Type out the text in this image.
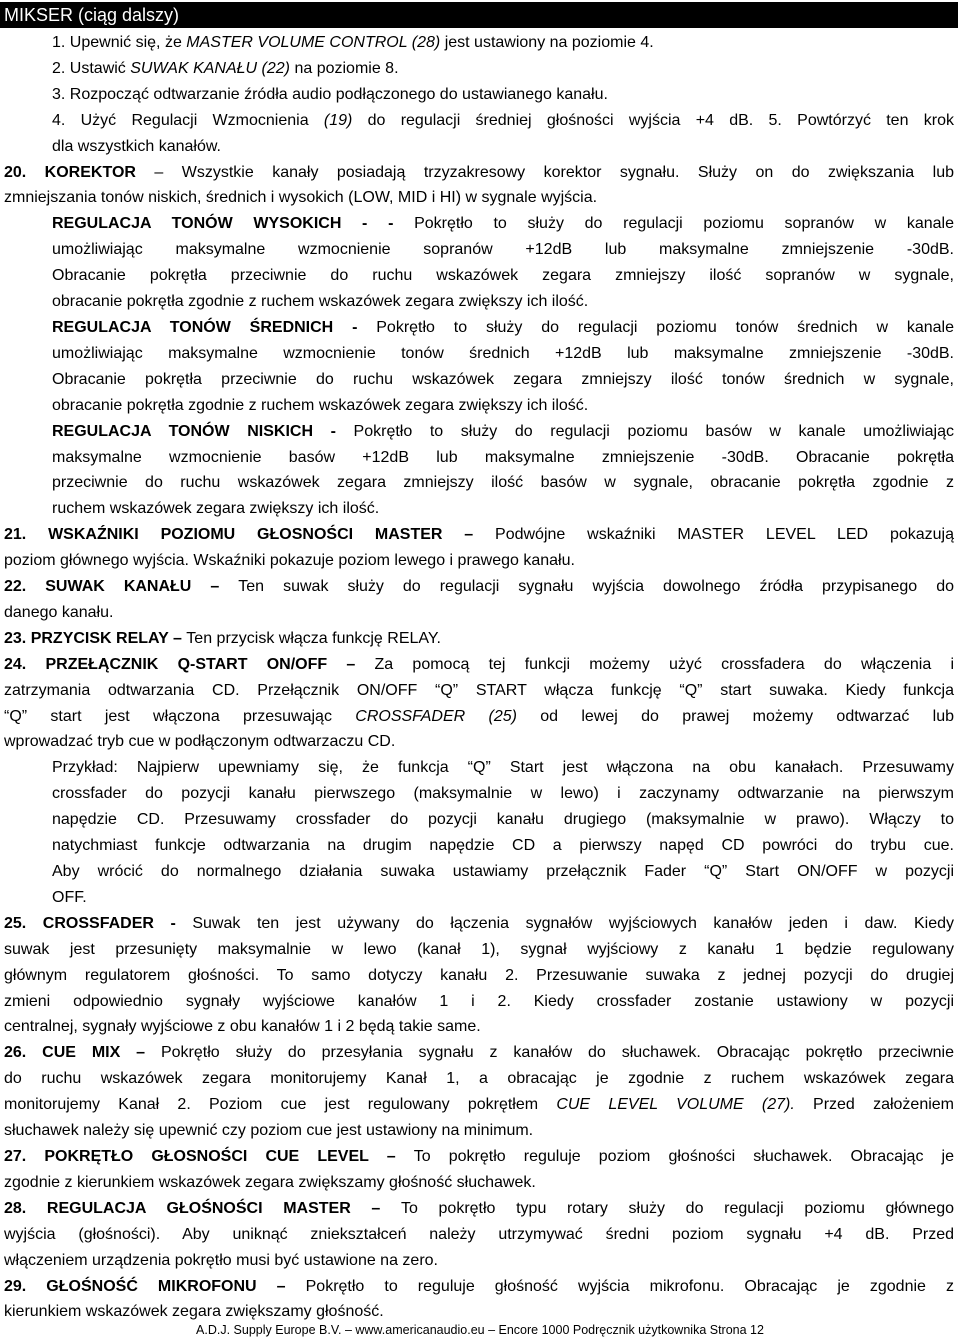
MIKSER (ciąg dalszy)
1. Upewnić się, że MASTER VOLUME CONTROL (28) jest ustawiony na poziomie 4.
2. Ustawić SUWAK KANAŁU (22) na poziomie 8.
3. Rozpocząć odtwarzanie źródła audio podłączonego do ustawianego kanału.
4. Użyć Regulacji Wzmocnienia (19) do regulacji średniej głośności wyjścia +4 dB. 5. Powtórzyć ten krok
dla wszystkich kanałów.
20. KOREKTOR – Wszystkie kanały posiadają trzyzakresowy korektor sygnału. Służy on do zwiększania lub
zmniejszania tonów niskich, średnich i wysokich (LOW, MID i HI) w sygnale wyjścia.
REGULACJA TONÓW WYSOKICH - - Pokrętło to służy do regulacji poziomu sopranów w kanale
umożliwiając maksymalne wzmocnienie sopranów +12dB lub maksymalne zmniejszenie -30dB.
Obracanie pokrętła przeciwnie do ruchu wskazówek zegara zmniejszy ilość sopranów w sygnale,
obracanie pokrętła zgodnie z ruchem wskazówek zegara zwiększy ich ilość.
REGULACJA TONÓW ŚREDNICH - Pokrętło to służy do regulacji poziomu tonów średnich w kanale
umożliwiając maksymalne wzmocnienie tonów średnich +12dB lub maksymalne zmniejszenie -30dB.
Obracanie pokrętła przeciwnie do ruchu wskazówek zegara zmniejszy ilość tonów średnich w sygnale,
obracanie pokrętła zgodnie z ruchem wskazówek zegara zwiększy ich ilość.
REGULACJA TONÓW NISKICH - Pokrętło to służy do regulacji poziomu basów w kanale umożliwiając
maksymalne wzmocnienie basów +12dB lub maksymalne zmniejszenie -30dB. Obracanie pokrętła
przeciwnie do ruchu wskazówek zegara zmniejszy ilość basów w sygnale, obracanie pokrętła zgodnie z
ruchem wskazówek zegara zwiększy ich ilość.
21. WSKAŹNIKI POZIOMU GŁOSNOŚCI MASTER – Podwójne wskaźniki MASTER LEVEL LED pokazują
poziom głównego wyjścia. Wskaźniki pokazuje poziom lewego i prawego kanału.
22. SUWAK KANAŁU – Ten suwak służy do regulacji sygnału wyjścia dowolnego źródła przypisanego do
danego kanału.
23. PRZYCISK RELAY – Ten przycisk włącza funkcję RELAY.
24. PRZEŁĄCZNIK Q-START ON/OFF – Za pomocą tej funkcji możemy użyć crossfadera do włączenia i
zatrzymania odtwarzania CD. Przełącznik ON/OFF “Q” START włącza funkcję “Q” start suwaka. Kiedy funkcja
“Q” start jest włączona przesuwając CROSSFADER (25) od lewej do prawej możemy odtwarzać lub
wprowadzać tryb cue w podłączonym odtwarzaczu CD.
Przykład: Najpierw upewniamy się, że funkcja “Q” Start jest włączona na obu kanałach. Przesuwamy
crossfader do pozycji kanału pierwszego (maksymalnie w lewo) i zaczynamy odtwarzanie na pierwszym
napędzie CD. Przesuwamy crossfader do pozycji kanału drugiego (maksymalnie w prawo). Włączy to
natychmiast funkcje odtwarzania na drugim napędzie CD a pierwszy napęd CD powróci do trybu cue.
Aby wrócić do normalnego działania suwaka ustawiamy przełącznik Fader “Q” Start ON/OFF w pozycji
OFF.
25. CROSSFADER - Suwak ten jest używany do łączenia sygnałów wyjściowych kanałów jeden i daw. Kiedy
suwak jest przesunięty maksymalnie w lewo (kanał 1), sygnał wyjściowy z kanału 1 będzie regulowany
głównym regulatorem głośności. To samo dotyczy kanału 2. Przesuwanie suwaka z jednej pozycji do drugiej
zmieni odpowiednio sygnały wyjściowe kanałów 1 i 2. Kiedy crossfader zostanie ustawiony w pozycji
centralnej, sygnały wyjściowe z obu kanałów 1 i 2 będą takie same.
26. CUE MIX – Pokrętło służy do przesyłania sygnału z kanałów do słuchawek. Obracając pokrętło przeciwnie
do ruchu wskazówek zegara monitorujemy Kanał 1, a obracając je zgodnie z ruchem wskazówek zegara
monitorujemy Kanał 2. Poziom cue jest regulowany pokrętłem CUE LEVEL VOLUME (27). Przed założeniem
słuchawek należy się upewnić czy poziom cue jest ustawiony na minimum.
27. POKRĘTŁO GŁOSNOŚCI CUE LEVEL – To pokrętło reguluje poziom głośności słuchawek. Obracając je
zgodnie z kierunkiem wskazówek zegara zwiększamy głośność słuchawek.
28. REGULACJA GŁOŚNOŚCI MASTER – To pokrętło typu rotary służy do regulacji poziomu głównego
wyjścia (głośności). Aby uniknąć zniekształceń należy utrzymywać średni poziom sygnału +4 dB. Przed
włączeniem urządzenia pokrętło musi być ustawione na zero.
29. GŁOŚNOŚĆ MIKROFONU – Pokrętło to reguluje głośność wyjścia mikrofonu. Obracając je zgodnie z
kierunkiem wskazówek zegara zwiększamy głośność.
A.D.J. Supply Europe B.V. – www.americanaudio.eu – Encore 1000 Podręcznik użytkownika Strona 12
